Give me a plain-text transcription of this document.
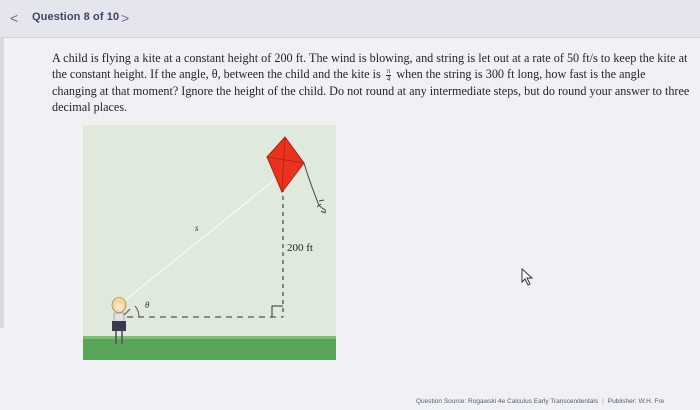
< Question 8 of 10 >
A child is flying a kite at a constant height of 200 ft. The wind is blowing, and string is let out at a rate of 50 ft/s to keep the kite at the constant height. If the angle, θ, between the child and the kite is $\frac{\pi}{4}$ when the string is 300 ft long, how fast is the angle changing at that moment? Ignore the height of the child. Do not round at any intermediate steps, but do round your answer to three decimal places.
s
θ
200 ft
Question Source: Rogawski 4e Calculus Early Transcendentals | Publisher: W.H. Fre
